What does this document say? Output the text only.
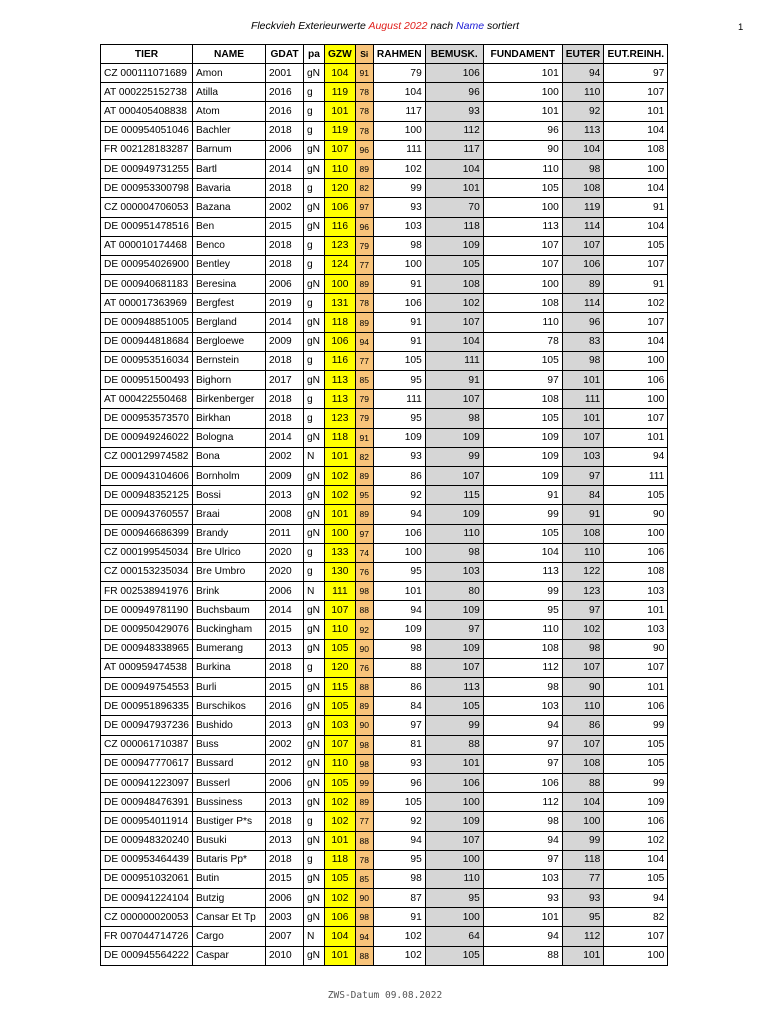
Fleckvieh Exterieurwerte August 2022 nach Name sortiert	1
TIER	NAME	GDAT	pa	GZW	Si	RAHMEN	BEMUSK.	FUNDAMENT	EUTER	EUT.REINH.
CZ 000111071689	Amon	2001	gN	104	91	79	106	101	94	97
AT 000225152738	Atilla	2016	g	119	78	104	96	100	110	107
AT 000405408838	Atom	2016	g	101	78	117	93	101	92	101
DE 000954051046	Bachler	2018	g	119	78	100	112	96	113	104
FR 002128183287	Barnum	2006	gN	107	96	111	117	90	104	108
DE 000949731255	Bartl	2014	gN	110	89	102	104	110	98	100
DE 000953300798	Bavaria	2018	g	120	82	99	101	105	108	104
CZ 000004706053	Bazana	2002	gN	106	97	93	70	100	119	91
DE 000951478516	Ben	2015	gN	116	96	103	118	113	114	104
AT 000010174468	Benco	2018	g	123	79	98	109	107	107	105
DE 000954026900	Bentley	2018	g	124	77	100	105	107	106	107
DE 000940681183	Beresina	2006	gN	100	89	91	108	100	89	91
AT 000017363969	Bergfest	2019	g	131	78	106	102	108	114	102
DE 000948851005	Bergland	2014	gN	118	89	91	107	110	96	107
DE 000944818684	Bergloewe	2009	gN	106	94	91	104	78	83	104
DE 000953516034	Bernstein	2018	g	116	77	105	111	105	98	100
DE 000951500493	Bighorn	2017	gN	113	85	95	91	97	101	106
AT 000422550468	Birkenberger	2018	g	113	79	111	107	108	111	100
DE 000953573570	Birkhan	2018	g	123	79	95	98	105	101	107
DE 000949246022	Bologna	2014	gN	118	91	109	109	109	107	101
CZ 000129974582	Bona	2002	N	101	82	93	99	109	103	94
DE 000943104606	Bornholm	2009	gN	102	89	86	107	109	97	111
DE 000948352125	Bossi	2013	gN	102	95	92	115	91	84	105
DE 000943760557	Braai	2008	gN	101	89	94	109	99	91	90
DE 000946686399	Brandy	2011	gN	100	97	106	110	105	108	100
CZ 000199545034	Bre Ulrico	2020	g	133	74	100	98	104	110	106
CZ 000153235034	Bre Umbro	2020	g	130	76	95	103	113	122	108
FR 002538941976	Brink	2006	N	111	98	101	80	99	123	103
DE 000949781190	Buchsbaum	2014	gN	107	88	94	109	95	97	101
DE 000950429076	Buckingham	2015	gN	110	92	109	97	110	102	103
DE 000948338965	Bumerang	2013	gN	105	90	98	109	108	98	90
AT 000959474538	Burkina	2018	g	120	76	88	107	112	107	107
DE 000949754553	Burli	2015	gN	115	88	86	113	98	90	101
DE 000951896335	Burschikos	2016	gN	105	89	84	105	103	110	106
DE 000947937236	Bushido	2013	gN	103	90	97	99	94	86	99
CZ 000061710387	Buss	2002	gN	107	98	81	88	97	107	105
DE 000947770617	Bussard	2012	gN	110	98	93	101	97	108	105
DE 000941223097	Busserl	2006	gN	105	99	96	106	106	88	99
DE 000948476391	Bussiness	2013	gN	102	89	105	100	112	104	109
DE 000954011914	Bustiger P*s	2018	g	102	77	92	109	98	100	106
DE 000948320240	Busuki	2013	gN	101	88	94	107	94	99	102
DE 000953464439	Butaris Pp*	2018	g	118	78	95	100	97	118	104
DE 000951032061	Butin	2015	gN	105	85	98	110	103	77	105
DE 000941224104	Butzig	2006	gN	102	90	87	95	93	93	94
CZ 000000020053	Cansar Et Tp	2003	gN	106	98	91	100	101	95	82
FR 007044714726	Cargo	2007	N	104	94	102	64	94	112	107
DE 000945564222	Caspar	2010	gN	101	88	102	105	88	101	100
ZWS-Datum 09.08.2022
